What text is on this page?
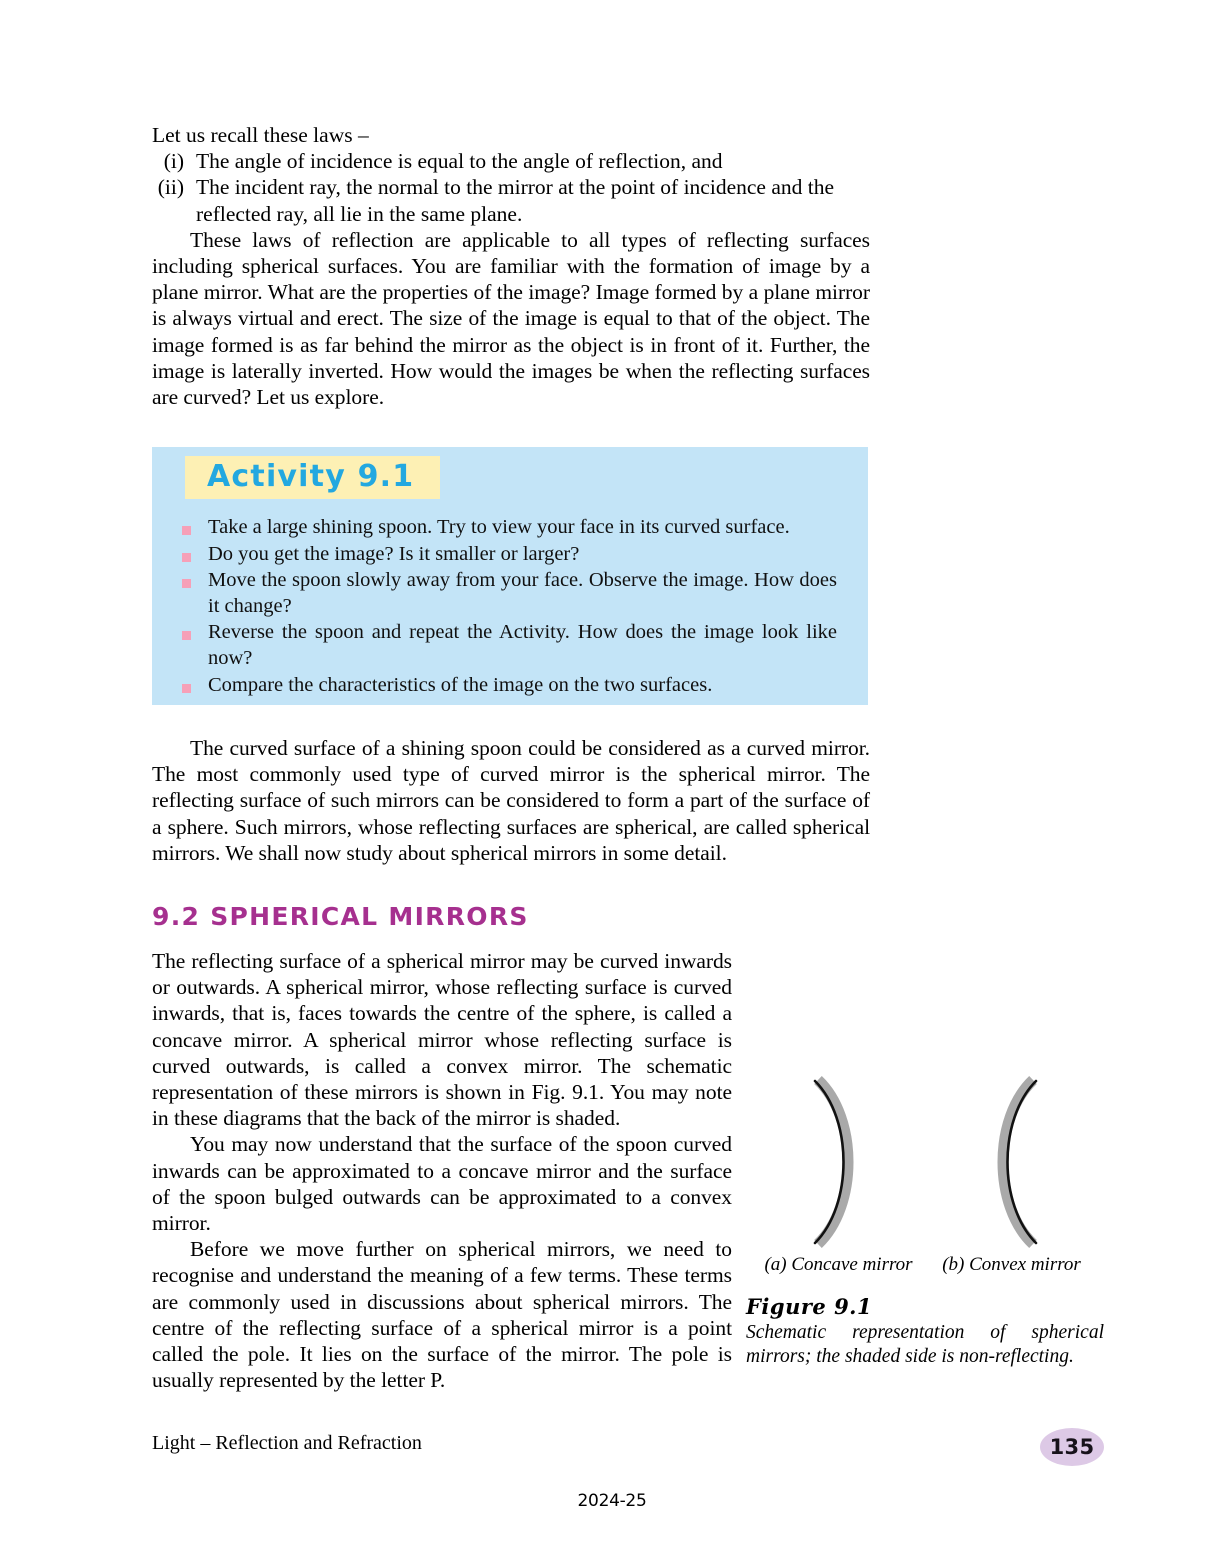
Let us recall these laws –

(i) The angle of incidence is equal to the angle of reflection, and
(ii) The incident ray, the normal to the mirror at the point of incidence and the reflected ray, all lie in the same plane.

These laws of reflection are applicable to all types of reflecting surfaces including spherical surfaces. You are familiar with the formation of image by a plane mirror. What are the properties of the image? Image formed by a plane mirror is always virtual and erect. The size of the image is equal to that of the object. The image formed is as far behind the mirror as the object is in front of it. Further, the image is laterally inverted. How would the images be when the reflecting surfaces are curved? Let us explore.

Activity 9.1
Take a large shining spoon. Try to view your face in its curved surface.
Do you get the image? Is it smaller or larger?
Move the spoon slowly away from your face. Observe the image. How does it change?
Reverse the spoon and repeat the Activity. How does the image look like now?
Compare the characteristics of the image on the two surfaces.

The curved surface of a shining spoon could be considered as a curved mirror. The most commonly used type of curved mirror is the spherical mirror. The reflecting surface of such mirrors can be considered to form a part of the surface of a sphere. Such mirrors, whose reflecting surfaces are spherical, are called spherical mirrors. We shall now study about spherical mirrors in some detail.

9.2 SPHERICAL MIRRORS
(a) Concave mirror	(b) Convex mirror
Figure 9.1
Schematic representation of spherical mirrors; the shaded side is non-reflecting.

The reflecting surface of a spherical mirror may be curved inwards or outwards. A spherical mirror, whose reflecting surface is curved inwards, that is, faces towards the centre of the sphere, is called a concave mirror. A spherical mirror whose reflecting surface is curved outwards, is called a convex mirror. The schematic representation of these mirrors is shown in Fig. 9.1. You may note in these diagrams that the back of the mirror is shaded.

You may now understand that the surface of the spoon curved inwards can be approximated to a concave mirror and the surface of the spoon bulged outwards can be approximated to a convex mirror.

Before we move further on spherical mirrors, we need to recognise and understand the meaning of a few terms. These terms are commonly used in discussions about spherical mirrors. The centre of the reflecting surface of a spherical mirror is a point called the pole. It lies on the surface of the mirror. The pole is usually represented by the letter P.

Light – Reflection and Refraction	135
2024-25
